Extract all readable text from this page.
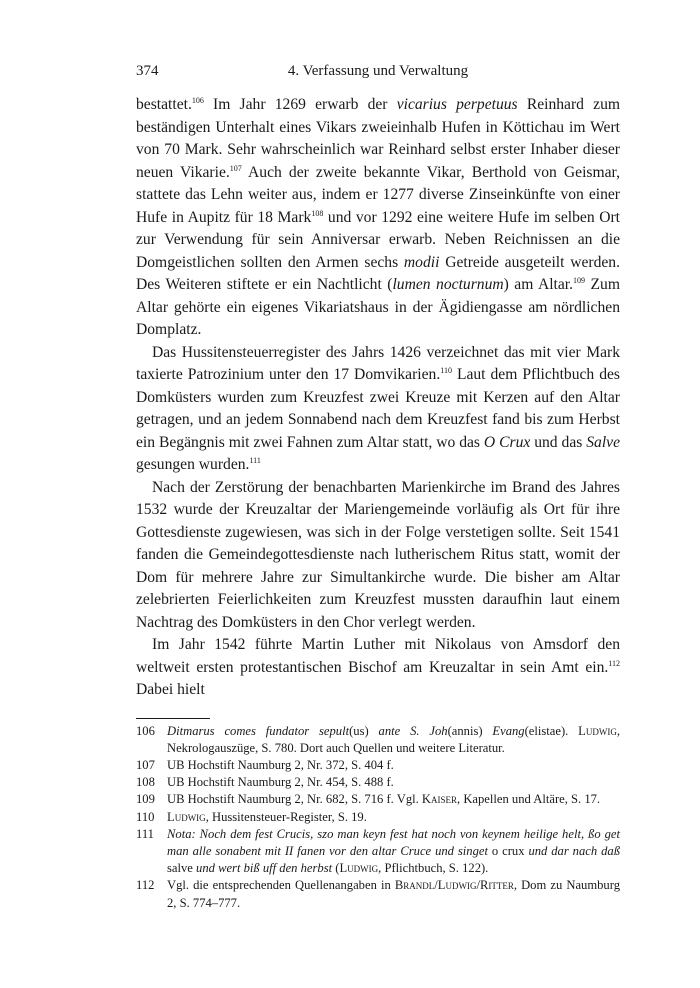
374	4. Verfassung und Verwaltung

bestattet.$^{106}$ Im Jahr 1269 erwarb der vicarius perpetuus Reinhard zum beständigen Unterhalt eines Vikars zweieinhalb Hufen in Köttichau im Wert von 70 Mark. Sehr wahrscheinlich war Reinhard selbst erster Inhaber dieser neuen Vikarie.$^{107}$ Auch der zweite bekannte Vikar, Berthold von Geismar, stattete das Lehn weiter aus, indem er 1277 diverse Zinseinkünfte von einer Hufe in Aupitz für 18 Mark$^{108}$ und vor 1292 eine weitere Hufe im selben Ort zur Verwendung für sein Anniversar erwarb. Neben Reichnissen an die Domgeistlichen sollten den Armen sechs modii Getreide ausgeteilt werden. Des Weiteren stiftete er ein Nachtlicht (lumen nocturnum) am Altar.$^{109}$ Zum Altar gehörte ein eigenes Vikariatshaus in der Ägidiengasse am nördlichen Domplatz.

Das Hussitensteuerregister des Jahrs 1426 verzeichnet das mit vier Mark taxierte Patrozinium unter den 17 Domvikarien.$^{110}$ Laut dem Pflichtbuch des Domküsters wurden zum Kreuzfest zwei Kreuze mit Kerzen auf den Altar getragen, und an jedem Sonnabend nach dem Kreuzfest fand bis zum Herbst ein Begängnis mit zwei Fahnen zum Altar statt, wo das O Crux und das Salve gesungen wurden.$^{111}$

Nach der Zerstörung der benachbarten Marienkirche im Brand des Jahres 1532 wurde der Kreuzaltar der Mariengemeinde vorläufig als Ort für ihre Gottesdienste zugewiesen, was sich in der Folge verstetigen sollte. Seit 1541 fanden die Gemeindegottesdienste nach lutherischem Ritus statt, womit der Dom für mehrere Jahre zur Simultankirche wurde. Die bisher am Altar zelebrierten Feierlichkeiten zum Kreuzfest mussten daraufhin laut einem Nachtrag des Domküsters in den Chor verlegt werden.

Im Jahr 1542 führte Martin Luther mit Nikolaus von Amsdorf den weltweit ersten protestantischen Bischof am Kreuzaltar in sein Amt ein.$^{112}$ Dabei hielt

106 Ditmarus comes fundator sepult(us) ante S. Joh(annis) Evang(elistae). Ludwig, Nekrologauszüge, S. 780. Dort auch Quellen und weitere Literatur.
107 UB Hochstift Naumburg 2, Nr. 372, S. 404 f.
108 UB Hochstift Naumburg 2, Nr. 454, S. 488 f.
109 UB Hochstift Naumburg 2, Nr. 682, S. 716 f. Vgl. Kaiser, Kapellen und Altäre, S. 17.
110 Ludwig, Hussitensteuer-Register, S. 19.
111	Nota: Noch dem fest Crucis, szo man keyn fest hat noch von keynem heilige helt, ßo get man alle sonabent mit II fanen vor den altar Cruce und singet o crux und dar nach daß salve und wert biß uff den herbst (Ludwig, Pflichtbuch, S. 122).
112 Vgl. die entsprechenden Quellenangaben in Brandl/Ludwig/Ritter, Dom zu Naumburg 2, S. 774–777.
